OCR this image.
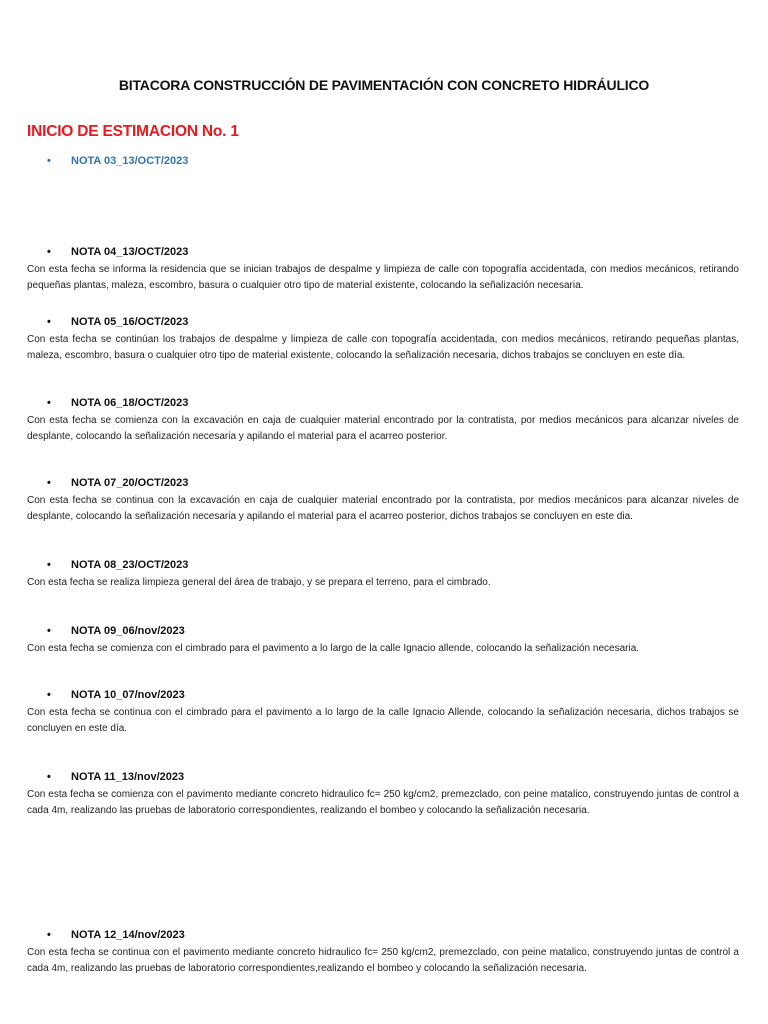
BITACORA CONSTRUCCIÓN DE PAVIMENTACIÓN CON CONCRETO HIDRÁULICO
INICIO DE ESTIMACION No. 1
• NOTA 03_13/OCT/2023
• NOTA 04_13/OCT/2023

Con esta fecha se informa la residencia que se inician trabajos de despalme y limpieza de calle con topografía accidentada, con medios mecánicos, retirando pequeñas plantas, maleza, escombro, basura o cualquier otro tipo de material existente, colocando la señalización necesaria.

• NOTA 05_16/OCT/2023

Con esta fecha se continúan los trabajos de despalme y limpieza de calle con topografía accidentada, con medios mecánicos, retirando pequeñas plantas, maleza, escombro, basura o cualquier otro tipo de material existente, colocando la señalización necesaria, dichos trabajos se concluyen en este día.

• NOTA 06_18/OCT/2023

Con esta fecha se comienza con la excavación en caja de cualquier material encontrado por la contratista, por medios mecánicos para alcanzar niveles de desplante, colocando la señalización necesaria y apilando el material para el acarreo posterior.

• NOTA 07_20/OCT/2023

Con esta fecha se continua con la excavación en caja de cualquier material encontrado por la contratista, por medios mecánicos para alcanzar niveles de desplante, colocando la señalización necesaria y apilando el material para el acarreo posterior, dichos trabajos se concluyen en este dia.

• NOTA 08_23/OCT/2023

Con esta fecha se realiza limpieza general del área de trabajo, y se prepara el terreno, para el cimbrado.

• NOTA 09_06/nov/2023

Con esta fecha se comienza con el cimbrado para el pavimento a lo largo de la calle Ignacio allende, colocando la señalización necesaria.

• NOTA 10_07/nov/2023

Con esta fecha se continua con el cimbrado para el pavimento a lo largo de la calle Ignacio Allende, colocando la señalización necesaria, dichos trabajos se concluyen en este día.

• NOTA 11_13/nov/2023

Con esta fecha se comienza con el pavimento mediante concreto hidraulico fc= 250 kg/cm2, premezclado, con peine matalico, construyendo juntas de control a cada 4m, realizando las pruebas de laboratorio correspondientes, realizando el bombeo y colocando la señalización necesaria.

• NOTA 12_14/nov/2023

Con esta fecha se continua con el pavimento mediante concreto hidraulico fc= 250 kg/cm2, premezclado, con peine matalico, construyendo juntas de control a cada 4m, realizando las pruebas de laboratorio correspondientes,realizando el bombeo y colocando la señalización necesaria.
